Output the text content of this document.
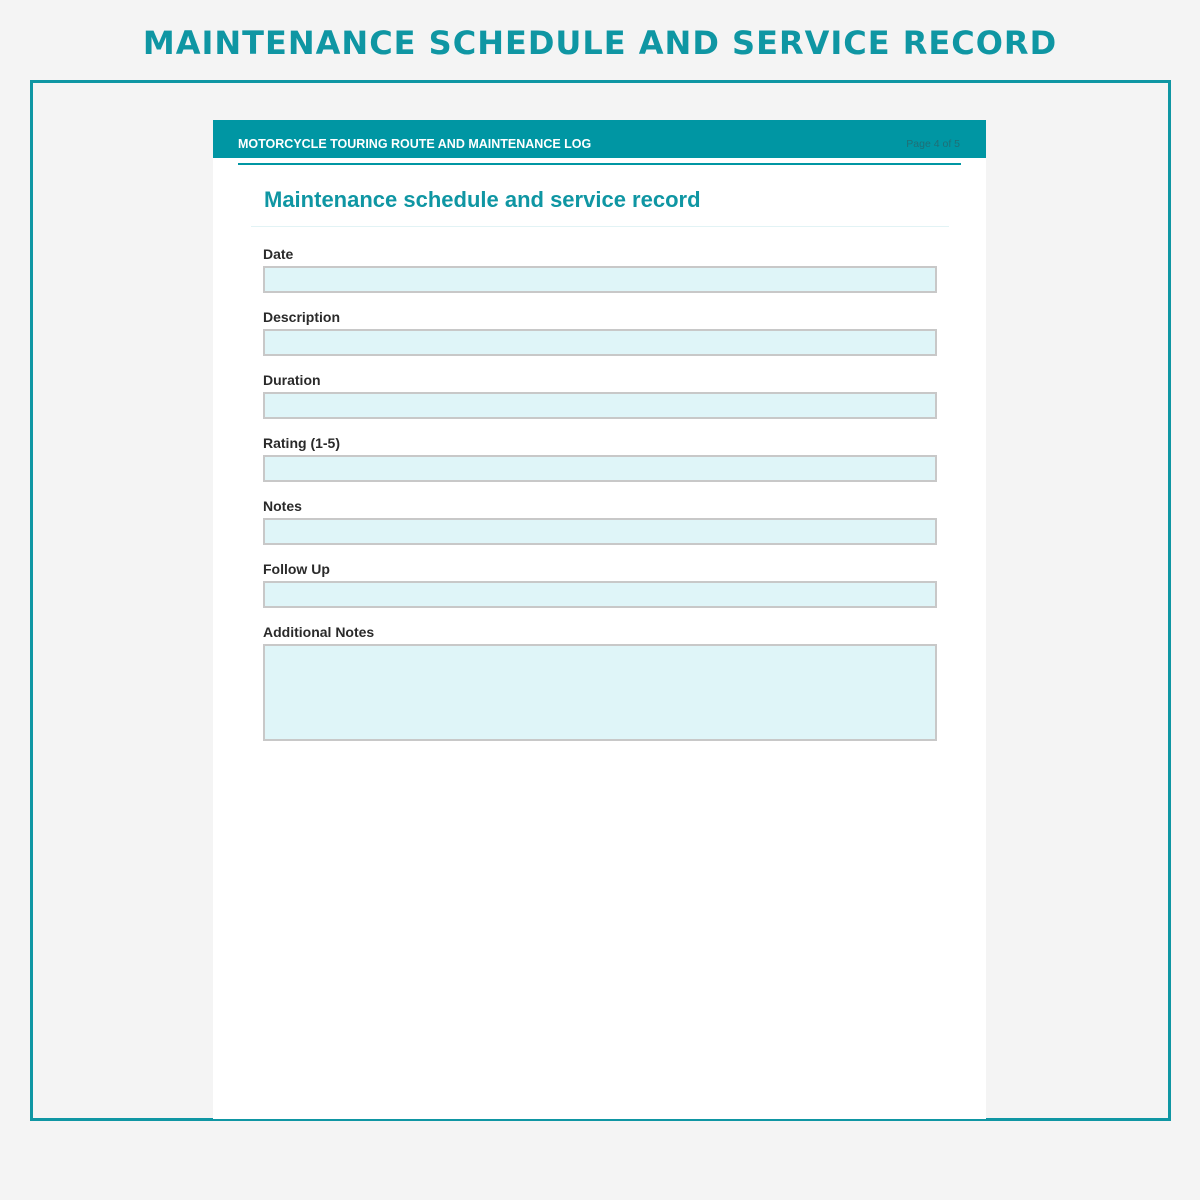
MAINTENANCE SCHEDULE AND SERVICE RECORD
MOTORCYCLE TOURING ROUTE AND MAINTENANCE LOG	Page 4 of 5
Maintenance schedule and service record
Date
Description
Duration
Rating (1-5)
Notes
Follow Up
Additional Notes
